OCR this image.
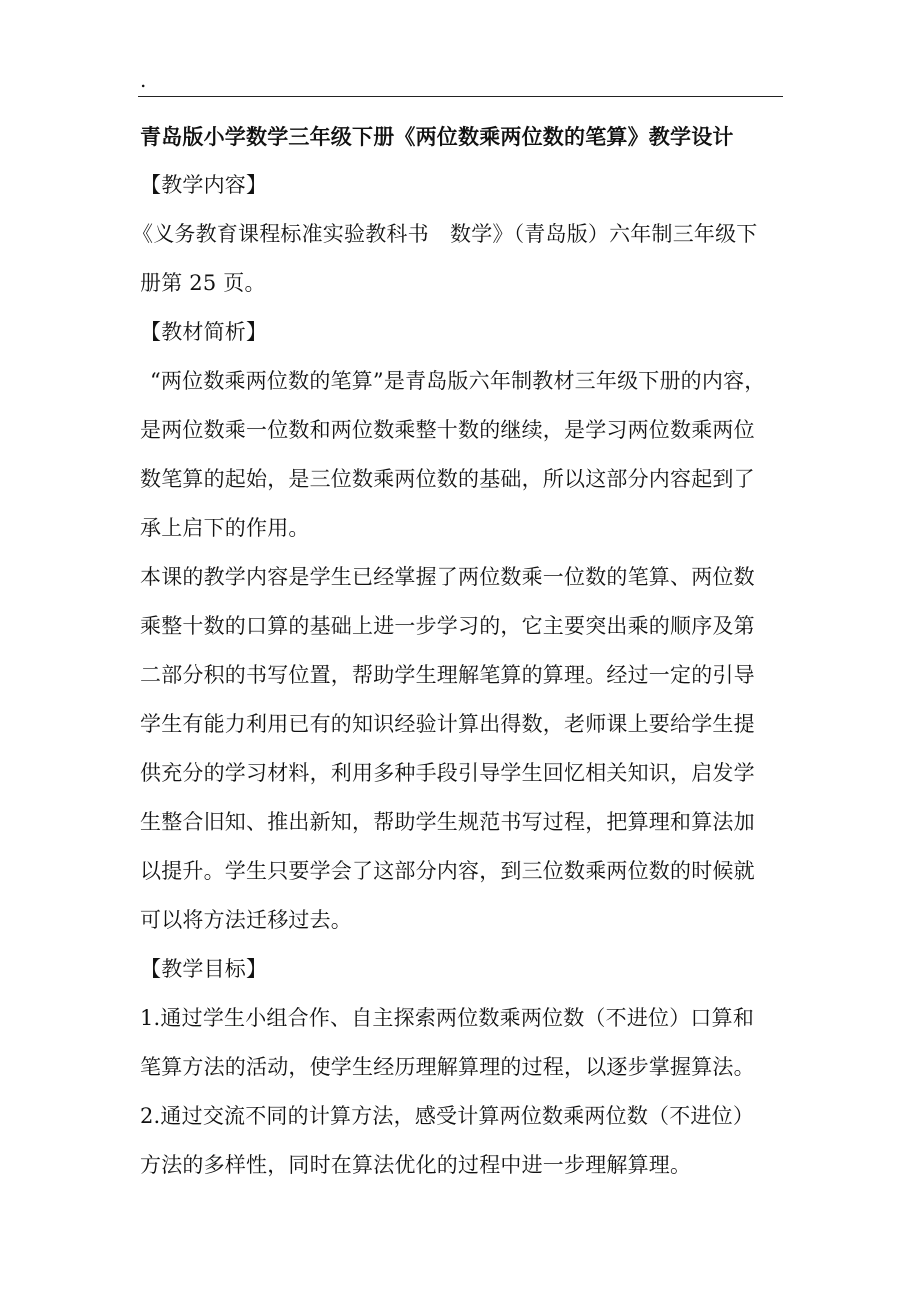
.
青岛版小学数学三年级下册《两位数乘两位数的笔算》教学设计
【教学内容】
《义务教育课程标准实验教科书　数学》（青岛版）六年制三年级下
册第 25 页。
【教材简析】
“两位数乘两位数的笔算”是青岛版六年制教材三年级下册的内容，
是两位数乘一位数和两位数乘整十数的继续，是学习两位数乘两位
数笔算的起始，是三位数乘两位数的基础，所以这部分内容起到了
承上启下的作用。
本课的教学内容是学生已经掌握了两位数乘一位数的笔算、两位数
乘整十数的口算的基础上进一步学习的，它主要突出乘的顺序及第
二部分积的书写位置，帮助学生理解笔算的算理。经过一定的引导
学生有能力利用已有的知识经验计算出得数，老师课上要给学生提
供充分的学习材料，利用多种手段引导学生回忆相关知识，启发学
生整合旧知、推出新知，帮助学生规范书写过程，把算理和算法加
以提升。学生只要学会了这部分内容，到三位数乘两位数的时候就
可以将方法迁移过去。
【教学目标】
1.通过学生小组合作、自主探索两位数乘两位数（不进位）口算和
笔算方法的活动，使学生经历理解算理的过程，以逐步掌握算法。
2.通过交流不同的计算方法，感受计算两位数乘两位数（不进位）
方法的多样性，同时在算法优化的过程中进一步理解算理。
